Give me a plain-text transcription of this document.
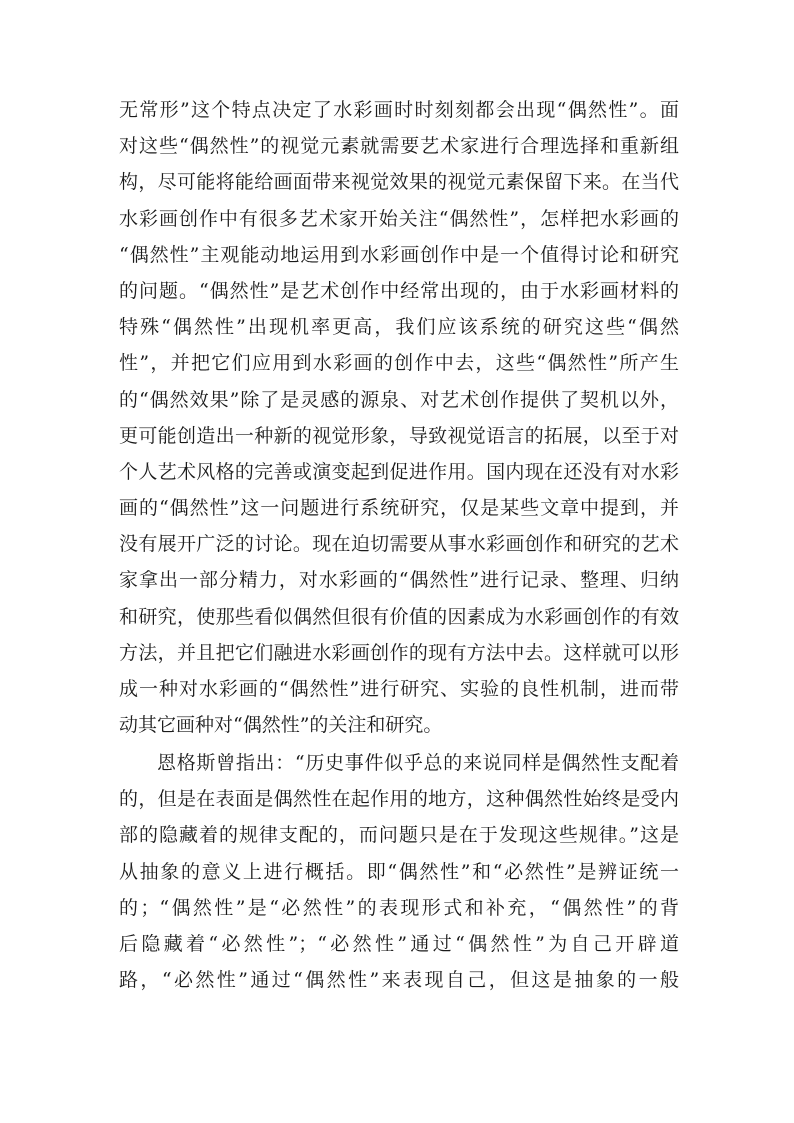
无常形”这个特点决定了水彩画时时刻刻都会出现“偶然性”。面
对这些“偶然性”的视觉元素就需要艺术家进行合理选择和重新组
构，尽可能将能给画面带来视觉效果的视觉元素保留下来。在当代
水彩画创作中有很多艺术家开始关注“偶然性”，怎样把水彩画的
“偶然性”主观能动地运用到水彩画创作中是一个值得讨论和研究
的问题。“偶然性”是艺术创作中经常出现的，由于水彩画材料的
特殊“偶然性”出现机率更高，我们应该系统的研究这些“偶然
性”，并把它们应用到水彩画的创作中去，这些“偶然性”所产生
的“偶然效果”除了是灵感的源泉、对艺术创作提供了契机以外，
更可能创造出一种新的视觉形象，导致视觉语言的拓展，以至于对
个人艺术风格的完善或演变起到促进作用。国内现在还没有对水彩
画的“偶然性”这一问题进行系统研究，仅是某些文章中提到，并
没有展开广泛的讨论。现在迫切需要从事水彩画创作和研究的艺术
家拿出一部分精力，对水彩画的“偶然性”进行记录、整理、归纳
和研究，使那些看似偶然但很有价值的因素成为水彩画创作的有效
方法，并且把它们融进水彩画创作的现有方法中去。这样就可以形
成一种对水彩画的“偶然性”进行研究、实验的良性机制，进而带
动其它画种对“偶然性”的关注和研究。
恩格斯曾指出：“历史事件似乎总的来说同样是偶然性支配着
的，但是在表面是偶然性在起作用的地方，这种偶然性始终是受内
部的隐藏着的规律支配的，而问题只是在于发现这些规律。”这是
从抽象的意义上进行概括。即“偶然性”和“必然性”是辨证统一
的；“偶然性”是“必然性”的表现形式和补充，“偶然性”的背
后隐藏着“必然性”；“必然性”通过“偶然性”为自己开辟道
路，“必然性”通过“偶然性”来表现自己，但这是抽象的一般
